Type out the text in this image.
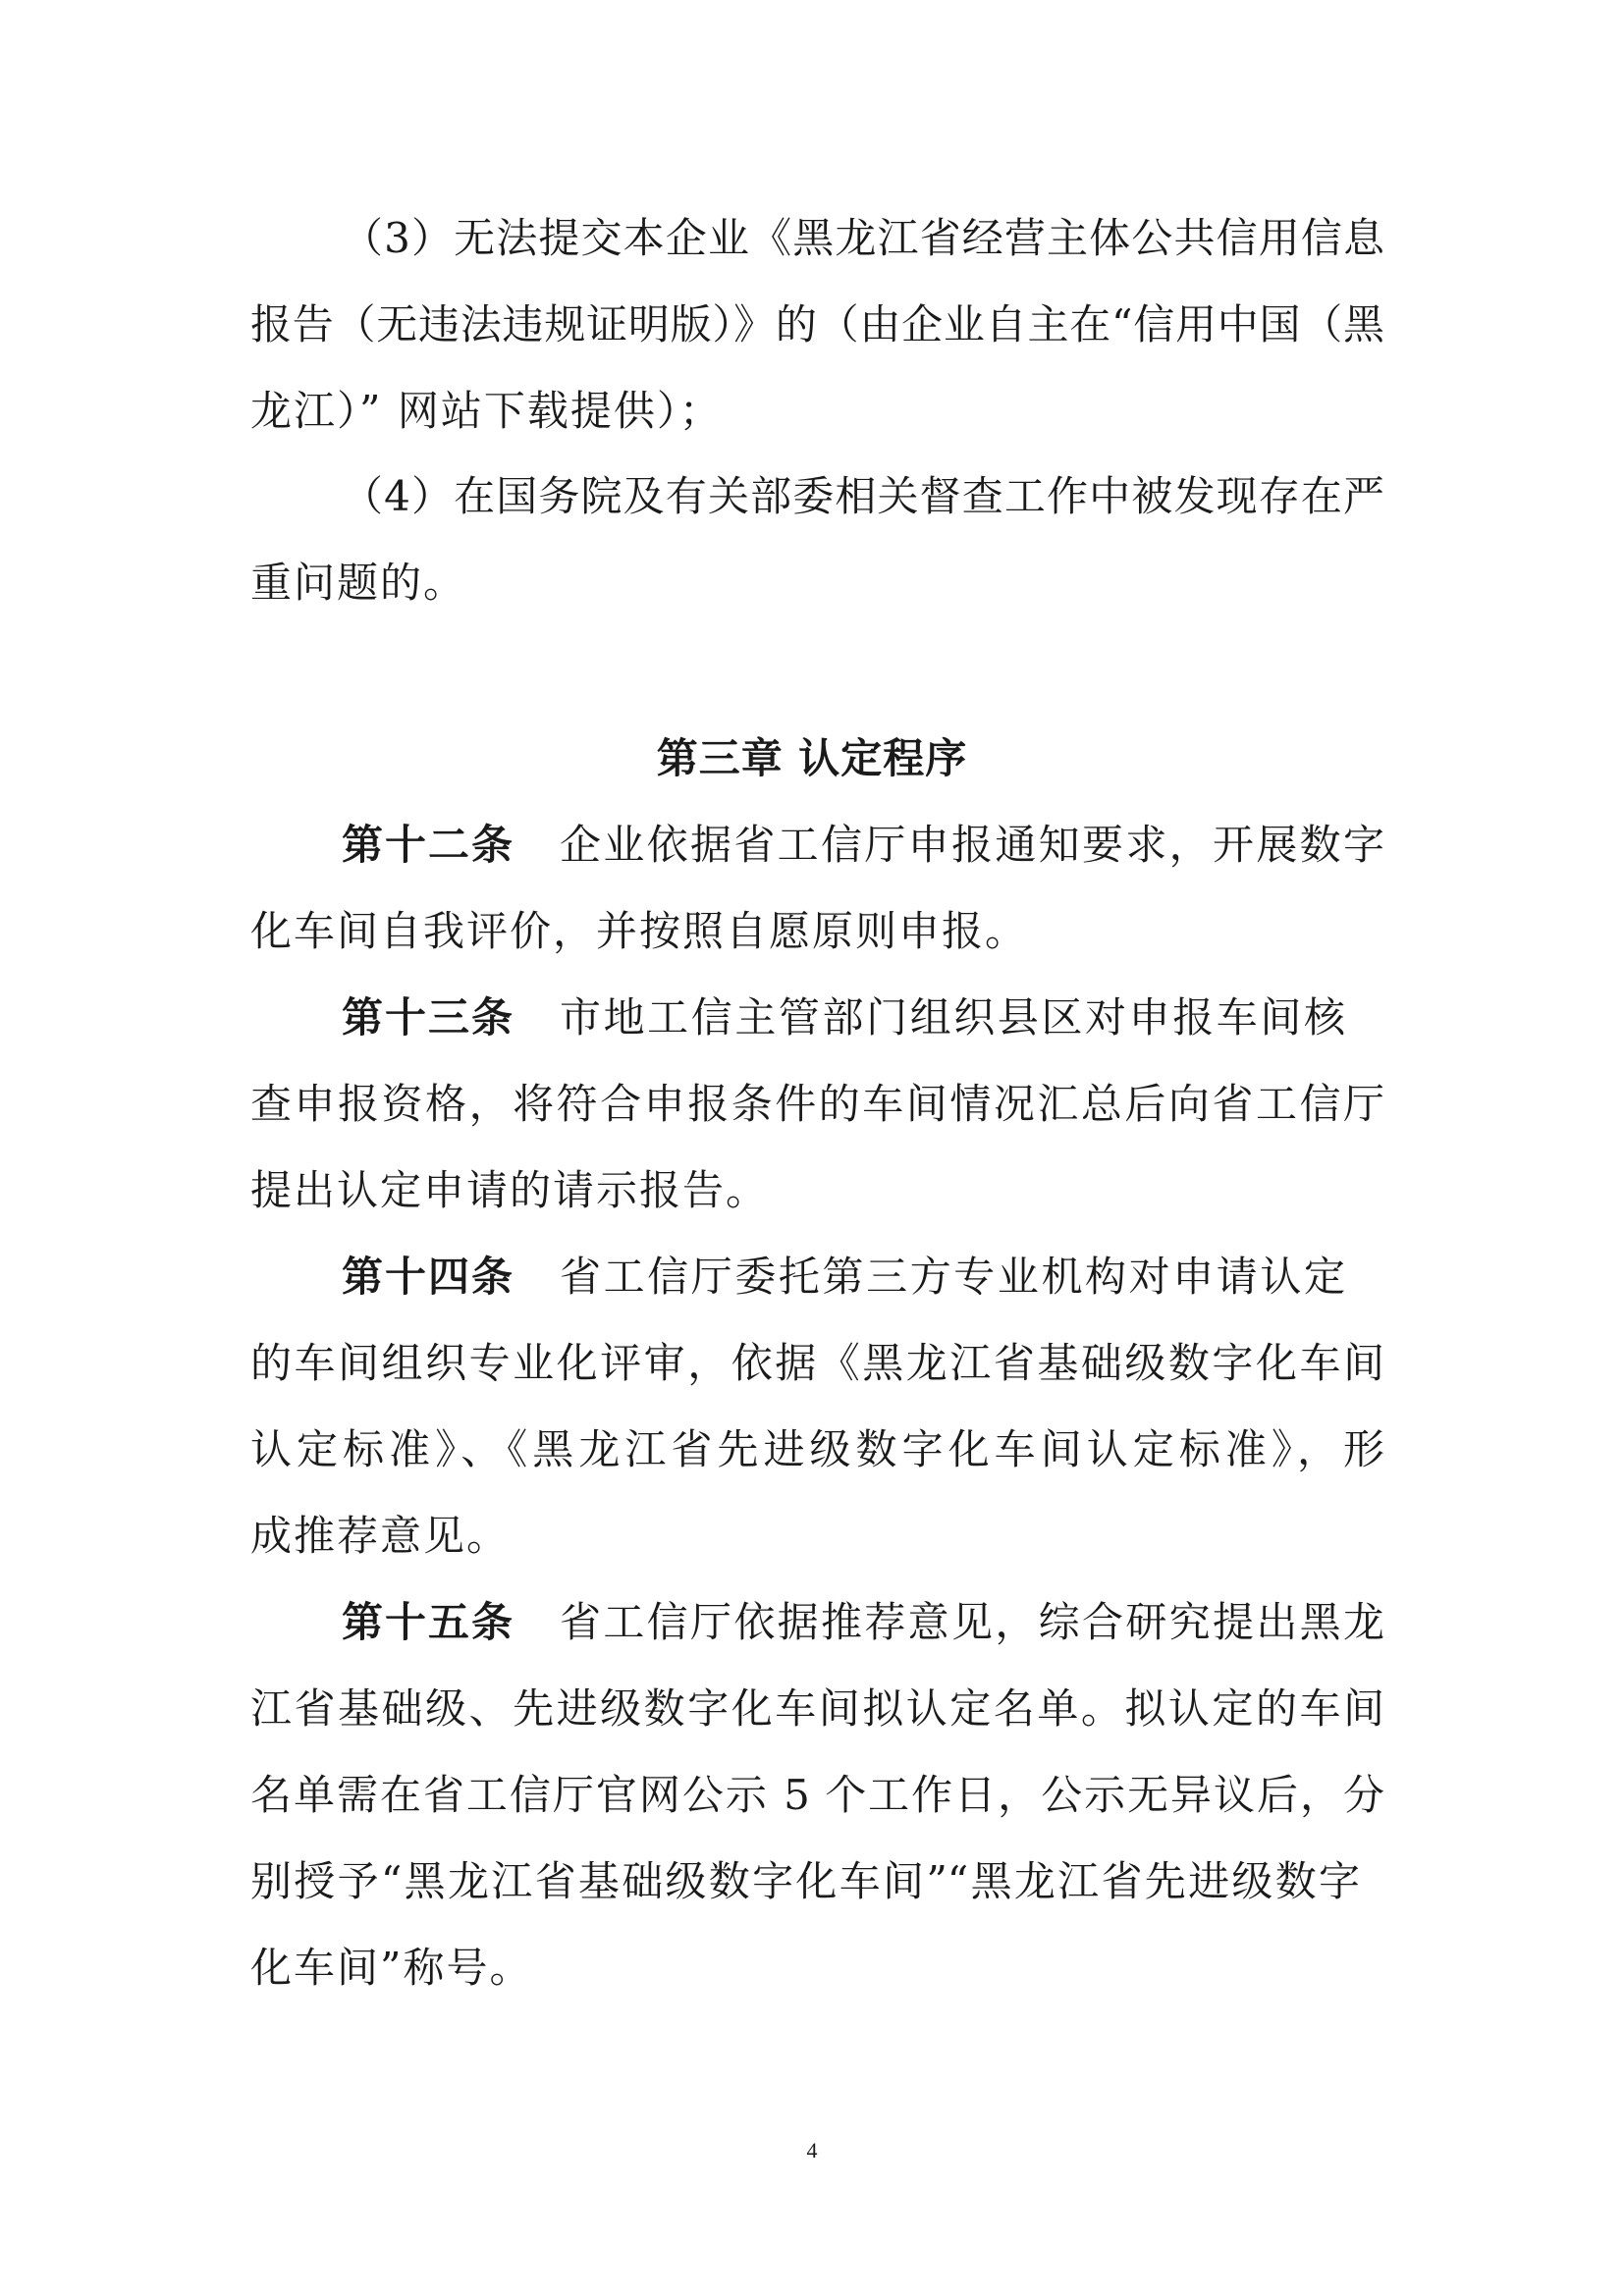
（3）无法提交本企业《黑龙江省经营主体公共信用信息
报告（无违法违规证明版）》的（由企业自主在“信用中国（黑
龙江）” 网站下载提供）；
（4）在国务院及有关部委相关督查工作中被发现存在严
重问题的。
第三章 认定程序
第十二条 企业依据省工信厅申报通知要求，开展数字
化车间自我评价，并按照自愿原则申报。
第十三条 市地工信主管部门组织县区对申报车间核
查申报资格，将符合申报条件的车间情况汇总后向省工信厅
提出认定申请的请示报告。
第十四条 省工信厅委托第三方专业机构对申请认定
的车间组织专业化评审，依据《黑龙江省基础级数字化车间
认定标准》、《黑龙江省先进级数字化车间认定标准》，形
成推荐意见。
第十五条 省工信厅依据推荐意见，综合研究提出黑龙
江省基础级、先进级数字化车间拟认定名单。拟认定的车间
名单需在省工信厅官网公示 5 个工作日，公示无异议后，分
别授予“黑龙江省基础级数字化车间”“黑龙江省先进级数字
化车间”称号。
4
